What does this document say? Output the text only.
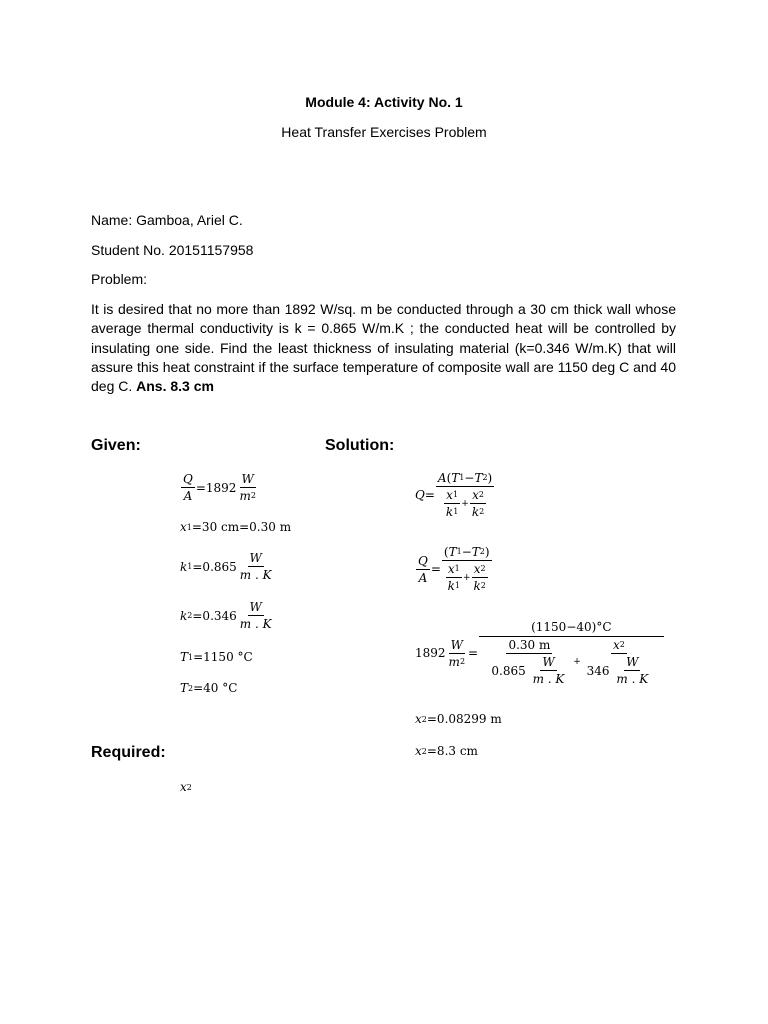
Module 4: Activity No. 1
Heat Transfer Exercises Problem
Name: Gamboa, Ariel C.
Student No. 20151157958
Problem:
It is desired that no more than 1892 W/sq. m be conducted through a 30 cm thick wall whose average thermal conductivity is k = 0.865 W/m.K ; the conducted heat will be controlled by insulating one side. Find the least thickness of insulating material (k=0.346 W/m.K) that will assure this heat constraint if the surface temperature of composite wall are 1150 deg C and 40 deg C. Ans. 8.3 cm
Given:	Solution:
Required:
$\frac{Q}{A} =1892 \frac{W}{m 2}$
x 1 =30 cm=0.30 m
k $1 =0.865 \frac{W}{m . K}$
k $2 =0.346 \frac{W}{m . K}$
T 1 =1150 °C
T 2 =40 °C
x 2
$Q = \frac{A ( T 1 - T 2 )}{\frac{x 1}{k 1} + \frac{x 2}{k 2}}$
$\frac{Q}{A} = \frac{( T 1 - T 2 )}{\frac{x 1}{k 1} + \frac{x 2}{k 2}}$
$1892 \frac{W}{m 2}$ =
(1150−40)°C
0.30 m
0.865
$\frac{W}{m . K} + x$ 2
346
$\frac{W}{m . K}$
x 2 =0.08299 m
x 2 =8.3 cm
